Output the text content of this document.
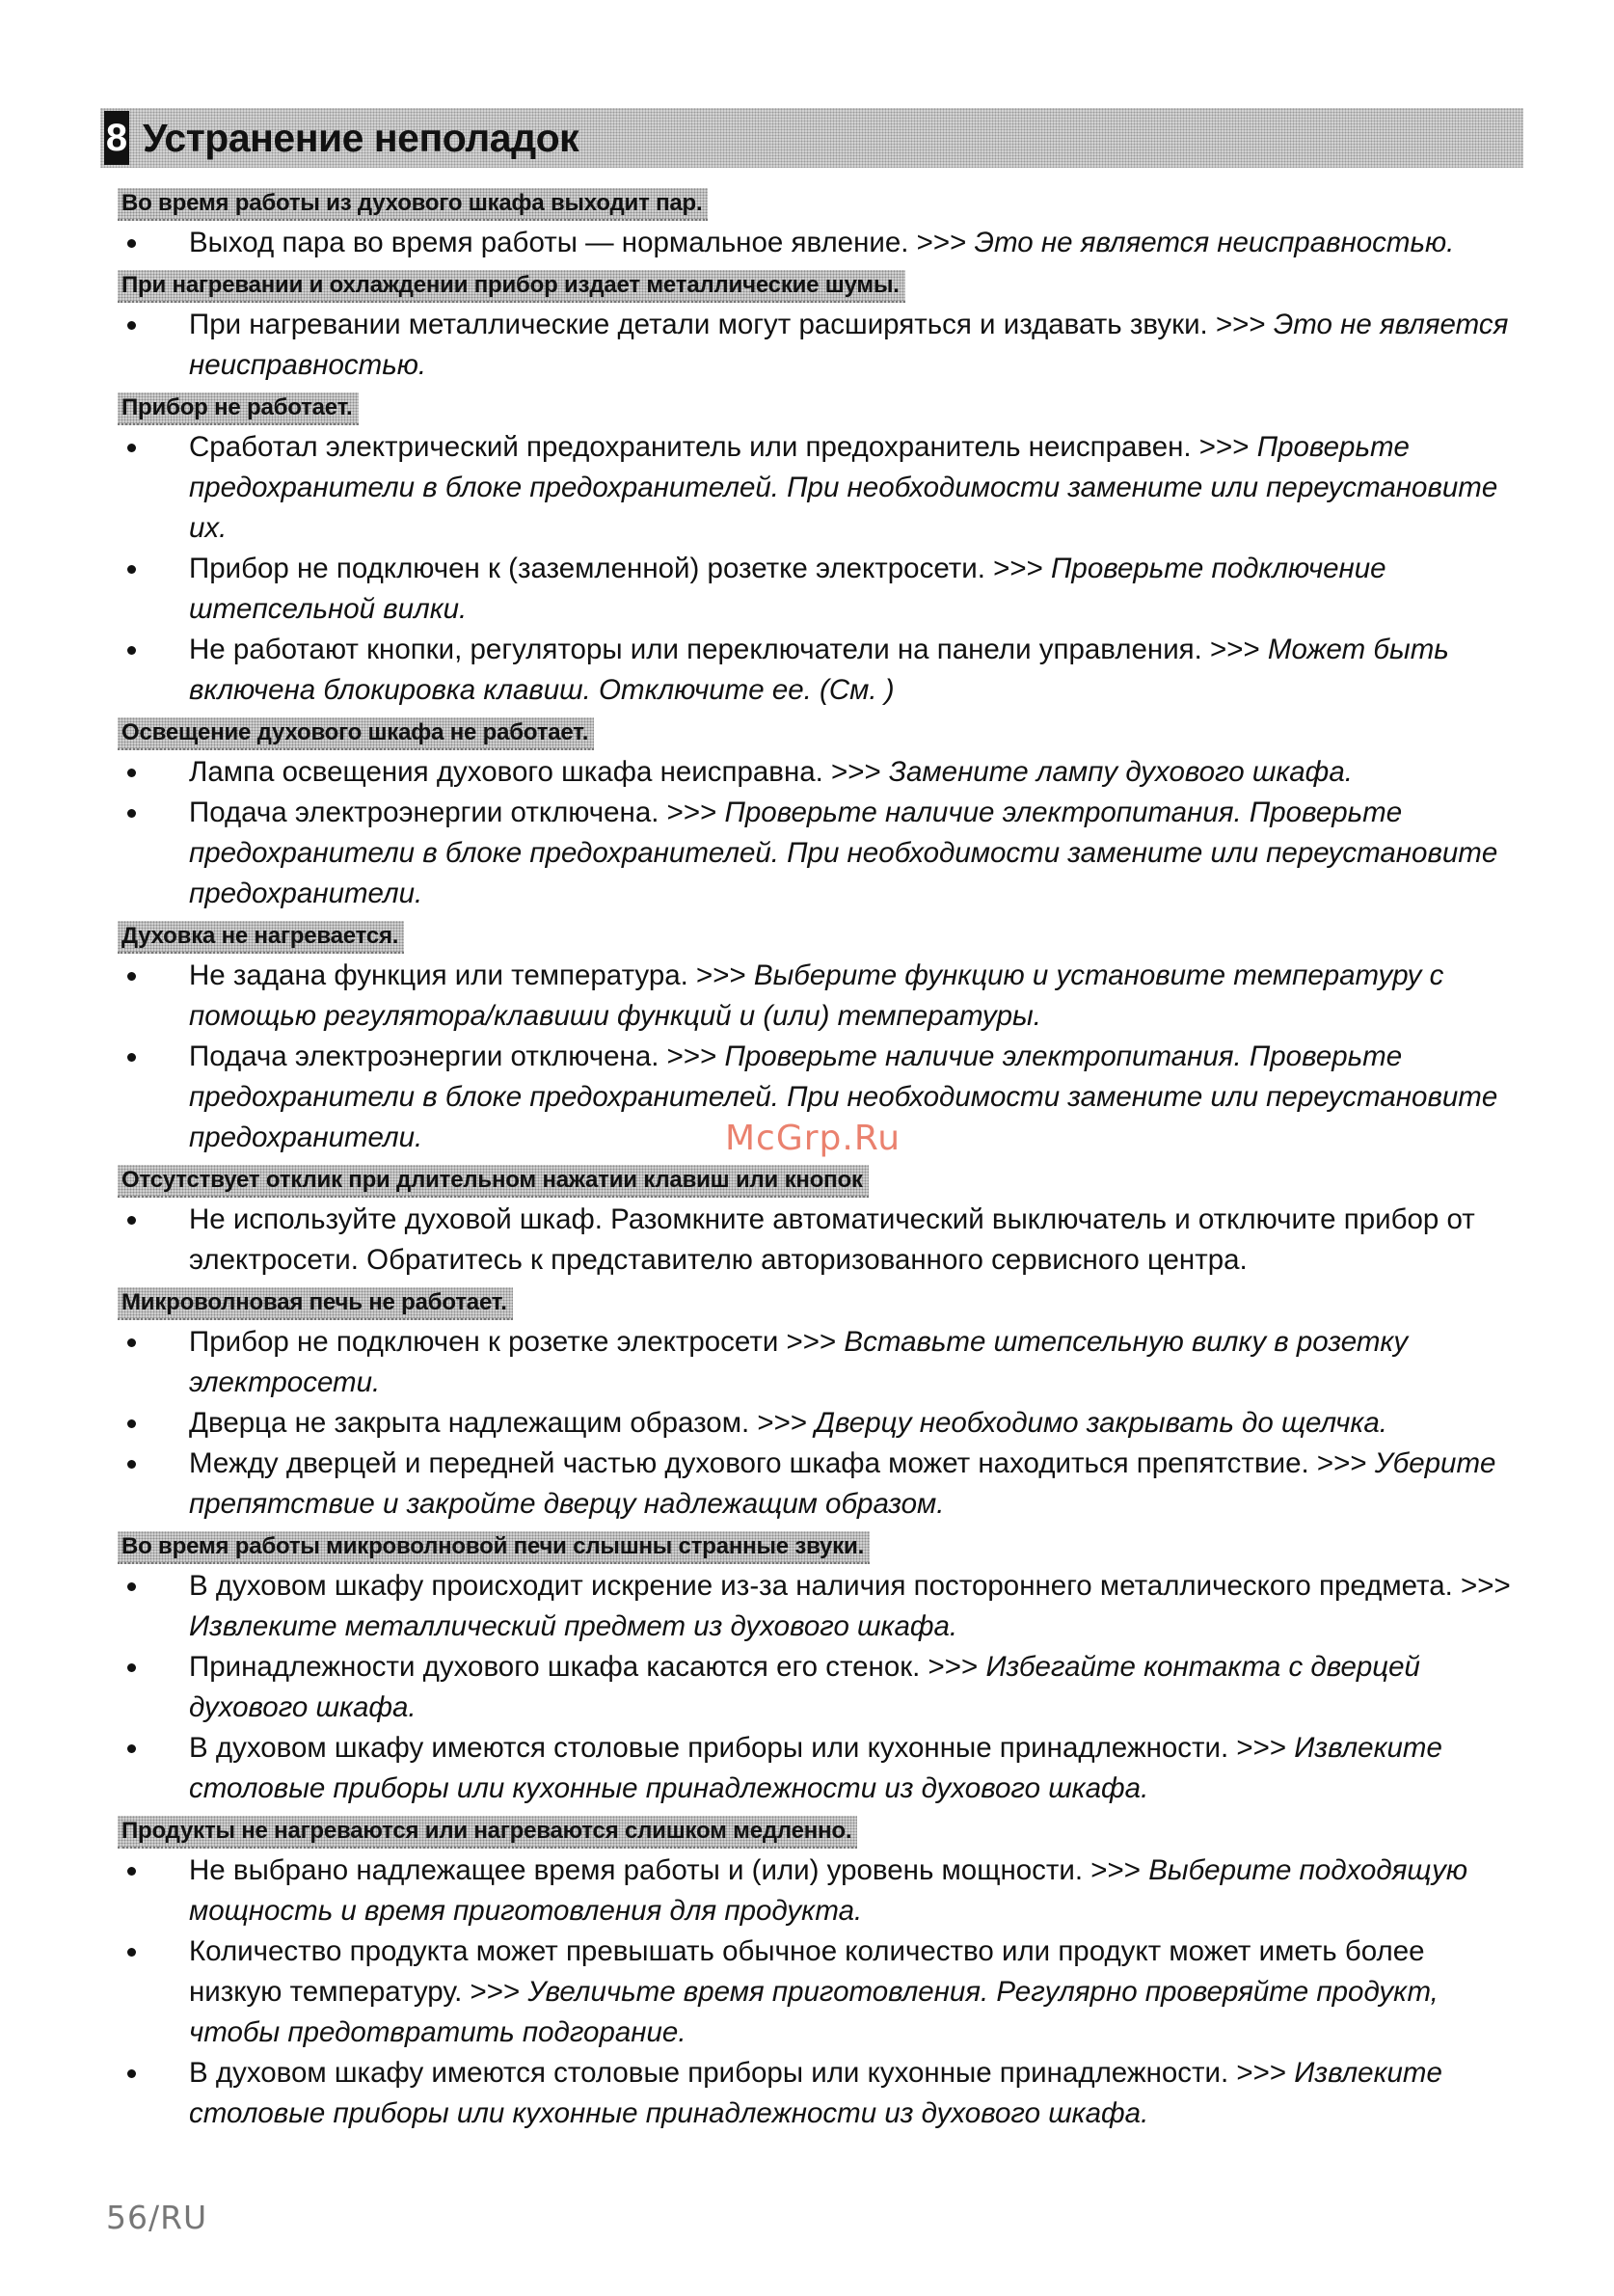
8 Устранение неполадок
Во время работы из духового шкафа выходит пар.
Выход пара во время работы — нормальное явление. >>> Это не является неисправностью.
При нагревании и охлаждении прибор издает металлические шумы.
При нагревании металлические детали могут расширяться и издавать звуки. >>> Это не является неисправностью.
Прибор не работает.
Сработал электрический предохранитель или предохранитель неисправен. >>> Проверьте предохранители в блоке предохранителей. При необходимости замените или переустановите их.
Прибор не подключен к (заземленной) розетке электросети. >>> Проверьте подключение штепсельной вилки.
Не работают кнопки, регуляторы или переключатели на панели управления. >>> Может быть включена блокировка клавиш. Отключите ее. (См. )
Освещение духового шкафа не работает.
Лампа освещения духового шкафа неисправна. >>> Замените лампу духового шкафа.
Подача электроэнергии отключена. >>> Проверьте наличие электропитания. Проверьте предохранители в блоке предохранителей. При необходимости замените или переустановите предохранители.
Духовка не нагревается.
Не задана функция или температура. >>> Выберите функцию и установите температуру с помощью регулятора/клавиши функций и (или) температуры.
Подача электроэнергии отключена. >>> Проверьте наличие электропитания. Проверьте предохранители в блоке предохранителей. При необходимости замените или переустановите предохранители.
Отсутствует отклик при длительном нажатии клавиш или кнопок
Не используйте духовой шкаф. Разомкните автоматический выключатель и отключите прибор от электросети. Обратитесь к представителю авторизованного сервисного центра.
Микроволновая печь не работает.
Прибор не подключен к розетке электросети >>> Вставьте штепсельную вилку в розетку электросети.
Дверца не закрыта надлежащим образом. >>> Дверцу необходимо закрывать до щелчка.
Между дверцей и передней частью духового шкафа может находиться препятствие. >>> Уберите препятствие и закройте дверцу надлежащим образом.
Во время работы микроволновой печи слышны странные звуки.
В духовом шкафу происходит искрение из-за наличия постороннего металлического предмета. >>> Извлеките металлический предмет из духового шкафа.
Принадлежности духового шкафа касаются его стенок. >>> Избегайте контакта с дверцей духового шкафа.
В духовом шкафу имеются столовые приборы или кухонные принадлежности. >>> Извлеките столовые приборы или кухонные принадлежности из духового шкафа.
Продукты не нагреваются или нагреваются слишком медленно.
Не выбрано надлежащее время работы и (или) уровень мощности. >>> Выберите подходящую мощность и время приготовления для продукта.
Количество продукта может превышать обычное количество или продукт может иметь более низкую температуру. >>> Увеличьте время приготовления. Регулярно проверяйте продукт, чтобы предотвратить подгорание.
В духовом шкафу имеются столовые приборы или кухонные принадлежности. >>> Извлеките столовые приборы или кухонные принадлежности из духового шкафа.
McGrp.Ru
56/RU
